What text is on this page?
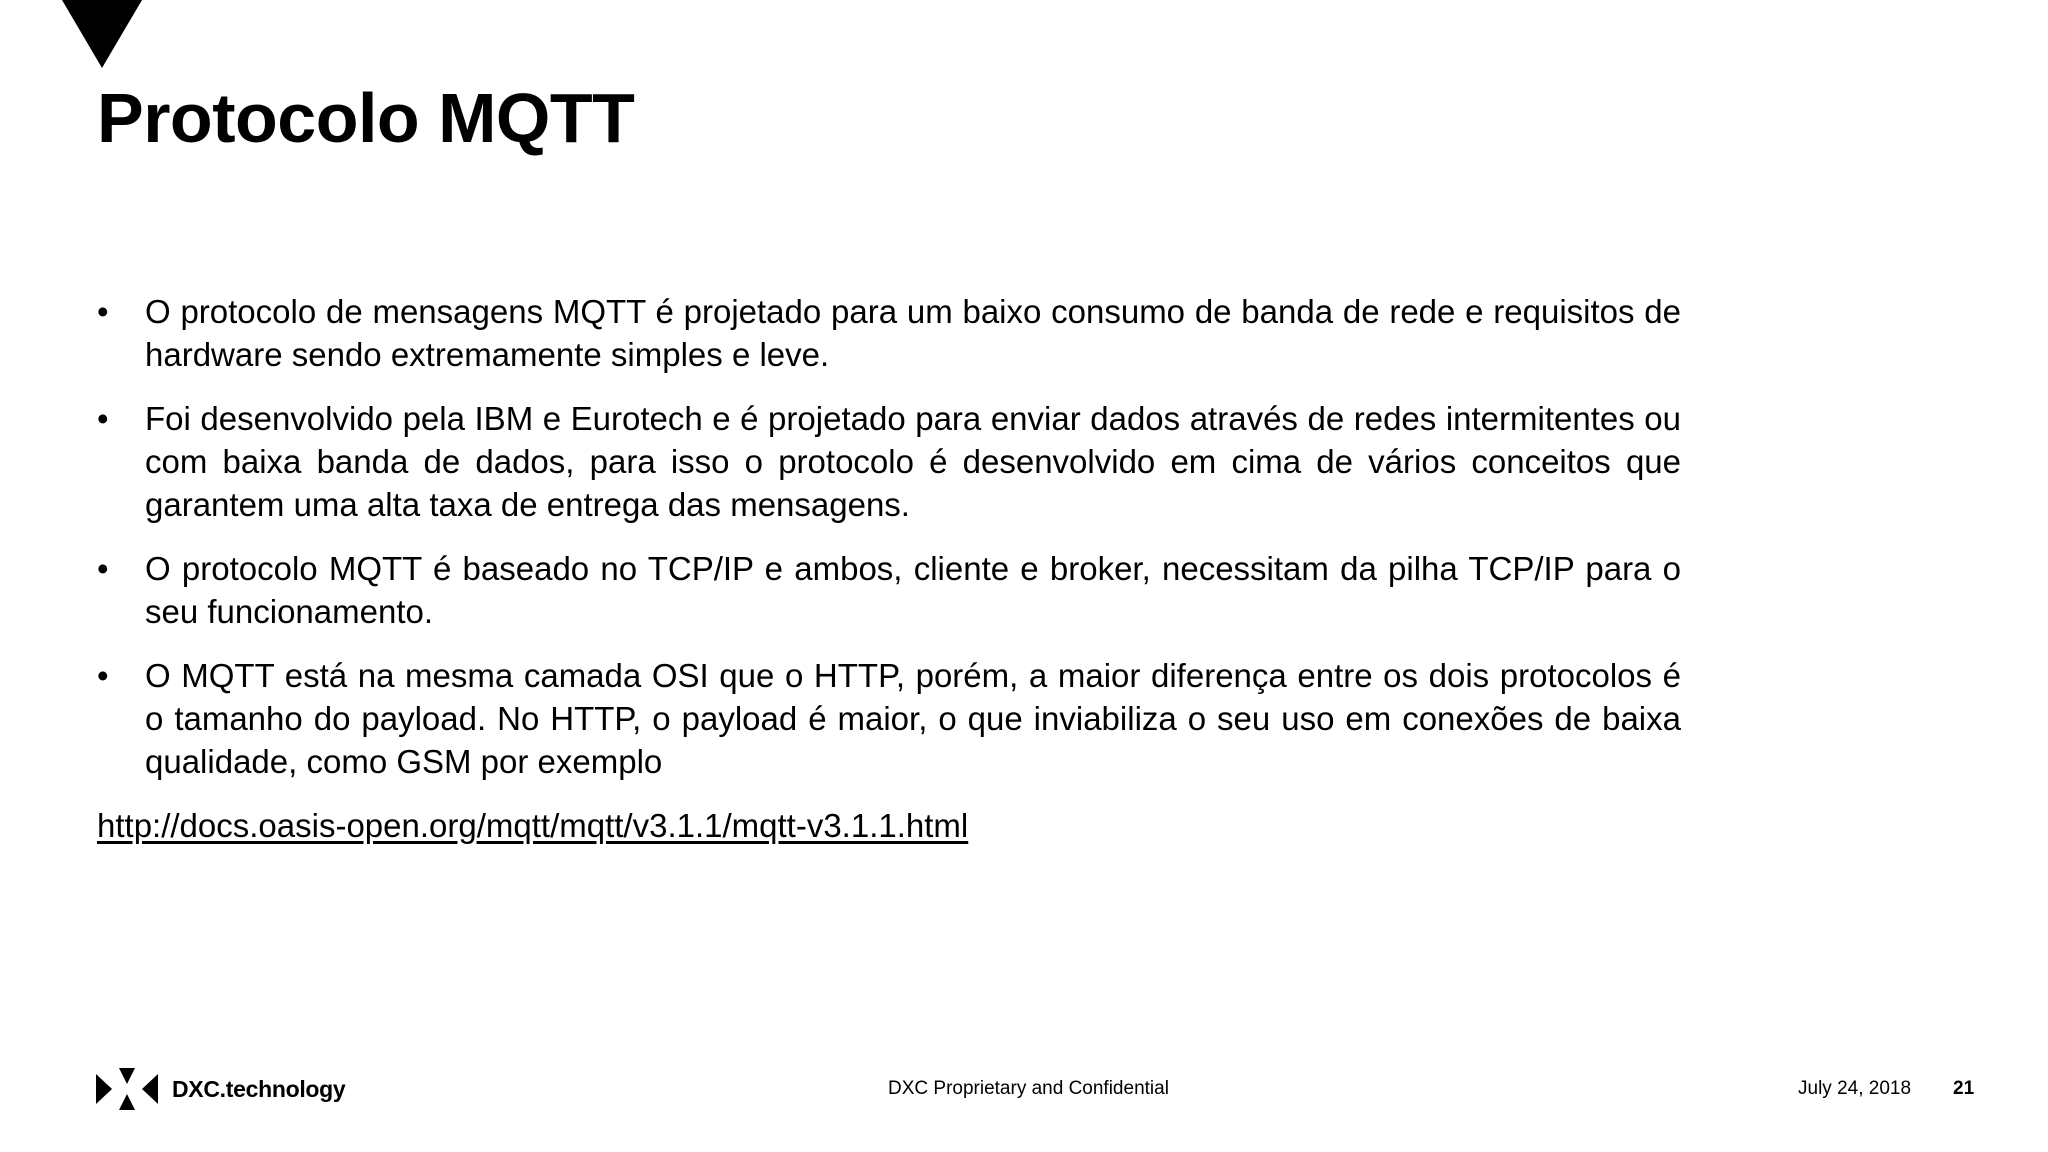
Protocolo MQTT
• O protocolo de mensagens MQTT é projetado para um baixo consumo de banda de rede e requisitos de hardware sendo extremamente simples e leve.
• Foi desenvolvido pela IBM e Eurotech e é projetado para enviar dados através de redes intermitentes ou com baixa banda de dados, para isso o protocolo é desenvolvido em cima de vários conceitos que garantem uma alta taxa de entrega das mensagens.
• O protocolo MQTT é baseado no TCP/IP e ambos, cliente e broker, necessitam da pilha TCP/IP para o seu funcionamento.
• O MQTT está na mesma camada OSI que o HTTP, porém, a maior diferença entre os dois protocolos é o tamanho do payload. No HTTP, o payload é maior, o que inviabiliza o seu uso em conexões de baixa qualidade, como GSM por exemplo
http://docs.oasis-open.org/mqtt/mqtt/v3.1.1/mqtt-v3.1.1.html
DXC.technology	DXC Proprietary and Confidential	July 24, 2018 21
